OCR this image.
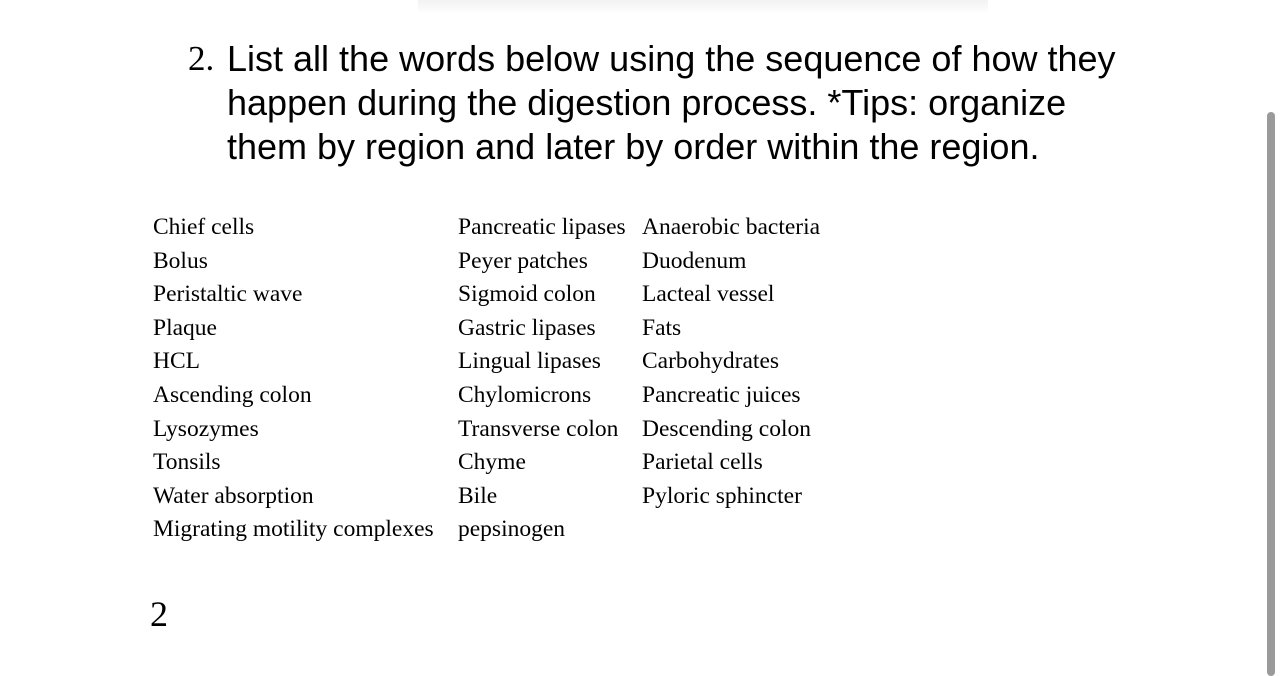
2. List all the words below using the sequence of how they happen during the digestion process. *Tips: organize them by region and later by order within the region.
Chief cells	Pancreatic lipases	Anaerobic bacteria
Bolus	Peyer patches	Duodenum
Peristaltic wave	Sigmoid colon	Lacteal vessel
Plaque	Gastric lipases	Fats
HCL	Lingual lipases	Carbohydrates
Ascending colon	Chylomicrons	Pancreatic juices
Lysozymes	Transverse colon	Descending colon
Tonsils	Chyme	Parietal cells
Water absorption	Bile	Pyloric sphincter
Migrating motility complexes	pepsinogen	
2
